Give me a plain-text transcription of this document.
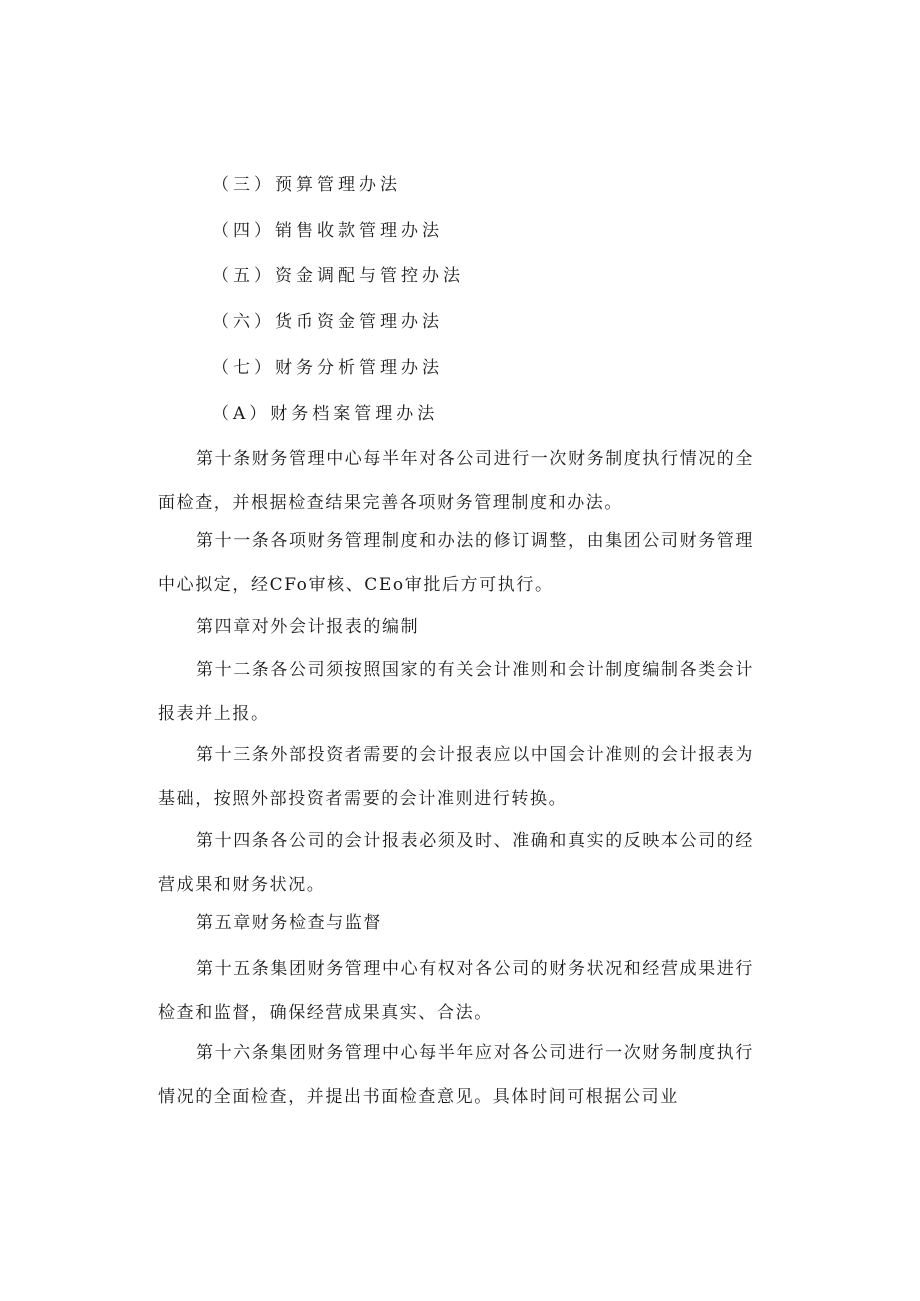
（三）预算管理办法
（四）销售收款管理办法
（五）资金调配与管控办法
（六）货币资金管理办法
（七）财务分析管理办法
（A）财务档案管理办法
第十条财务管理中心每半年对各公司进行一次财务制度执行情况的全面检查，并根据检查结果完善各项财务管理制度和办法。
第十一条各项财务管理制度和办法的修订调整，由集团公司财务管理中心拟定，经CFo审核、CEo审批后方可执行。
第四章对外会计报表的编制
第十二条各公司须按照国家的有关会计准则和会计制度编制各类会计报表并上报。
第十三条外部投资者需要的会计报表应以中国会计准则的会计报表为基础，按照外部投资者需要的会计准则进行转换。
第十四条各公司的会计报表必须及时、准确和真实的反映本公司的经营成果和财务状况。
第五章财务检查与监督
第十五条集团财务管理中心有权对各公司的财务状况和经营成果进行检查和监督，确保经营成果真实、合法。
第十六条集团财务管理中心每半年应对各公司进行一次财务制度执行情况的全面检查，并提出书面检查意见。具体时间可根据公司业
